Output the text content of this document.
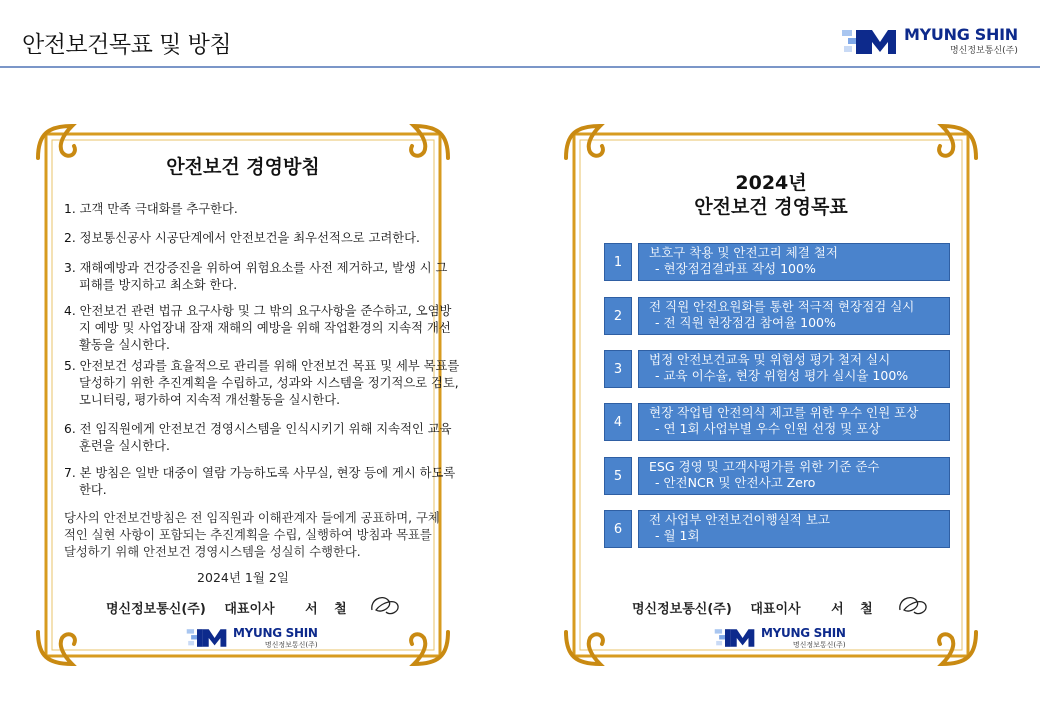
안전보건목표 및 방침	MYUNG SHIN
명신정보통신(주)
안전보건 경영방침
1. 고객 만족 극대화를 추구한다.
2. 정보통신공사 시공단계에서 안전보건을 최우선적으로 고려한다.
3. 재해예방과 건강증진을 위하여 위험요소를 사전 제거하고, 발생 시 그 피해를 방지하고 최소화 한다.
4. 안전보건 관련 법규 요구사항 및 그 밖의 요구사항을 준수하고, 오염방지 예방 및 사업장내 잠재 재해의 예방을 위해 작업환경의 지속적 개선활동을 실시한다.
5. 안전보건 성과를 효율적으로 관리를 위해 안전보건 목표 및 세부 목표를 달성하기 위한 추진계획을 수립하고, 성과와 시스템을 정기적으로 검토, 모니터링, 평가하여 지속적 개선활동을 실시한다.
6. 전 임직원에게 안전보건 경영시스템을 인식시키기 위해 지속적인 교육훈련을 실시한다.
7. 본 방침은 일반 대중이 열람 가능하도록 사무실, 현장 등에 게시 하도록 한다.
당사의 안전보건방침은 전 임직원과 이해관계자 들에게 공표하며, 구체적인 실현 사항이 포함되는 추진계획을 수립, 실행하여 방침과 목표를 달성하기 위해 안전보건 경영시스템을 성실히 수행한다.
2024년 1월 2일
명신정보통신(주) 대표이사 서 철
MYUNG SHIN
명신정보통신(주)
2024년
안전보건 경영목표
1
보호구 착용 및 안전고리 체결 철저
- 현장점검결과표 작성 100%
2
전 직원 안전요원화를 통한 적극적 현장점검 실시
- 전 직원 현장점검 참여율 100%
3
법정 안전보건교육 및 위험성 평가 철저 실시
- 교육 이수율, 현장 위험성 평가 실시율 100%
4
현장 작업팀 안전의식 제고를 위한 우수 인원 포상
- 연 1회 사업부별 우수 인원 선정 및 포상
5
ESG 경영 및 고객사평가를 위한 기준 준수
- 안전NCR 및 안전사고 Zero
6
전 사업부 안전보건이행실적 보고
- 월 1회
명신정보통신(주) 대표이사 서 철
MYUNG SHIN
명신정보통신(주)
